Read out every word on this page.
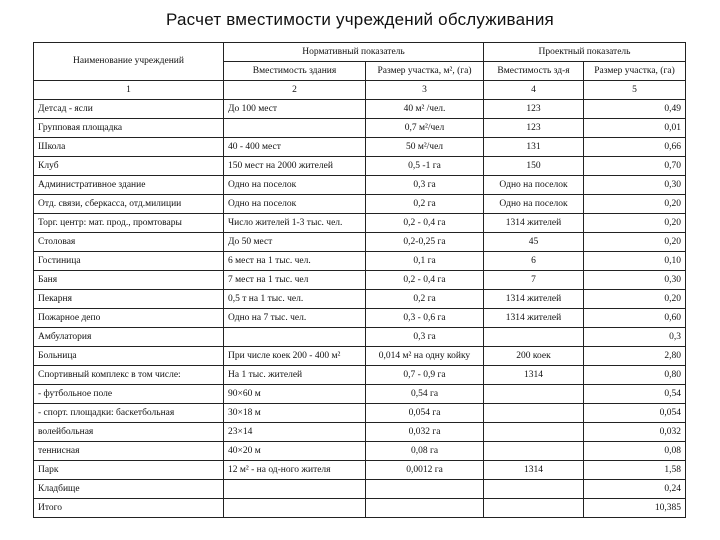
Расчет вместимости учреждений обслуживания
Наименование учреждений	Нормативный показатель		Проектный показатель	
	Вместимость здания	Размер участка, м², (га)	Вместимость зд-я	Размер участка, (га)
1	2	3	4	5
Детсад - ясли	До 100 мест	40 м² /чел.	123	0,49
Групповая площадка		0,7 м²/чел	123	0,01
Школа	40 - 400 мест	50 м²/чел	131	0,66
Клуб	150 мест на 2000 жителей	0,5 -1 га	150	0,70
Административное здание	Одно на поселок	0,3 га	Одно на поселок	0,30
Отд. связи, сберкасса, отд.милиции	Одно на поселок	0,2 га	Одно на поселок	0,20
Торг. центр: мат. прод., промтовары	Число жителей 1-3 тыс. чел.	0,2 - 0,4 га	1314 жителей	0,20
Столовая	До 50 мест	0,2-0,25 га	45	0,20
Гостиница	6 мест на 1 тыс. чел.	0,1 га	6	0,10
Баня	7 мест на 1 тыс. чел	0,2 - 0,4 га	7	0,30
Пекарня	0,5 т на 1 тыс. чел.	0,2 га	1314 жителей	0,20
Пожарное депо	Одно на 7 тыс. чел.	0,3 - 0,6 га	1314 жителей	0,60
Амбулатория		0,3 га		0,3
Больница	При числе коек 200 - 400 м²	0,014 м² на одну койку	200 коек	2,80
Спортивный комплекс в том числе:	На 1 тыс. жителей	0,7 - 0,9 га	1314	0,80
- футбольное поле	90×60 м	0,54 га		0,54
- спорт. площадки: баскетбольная	30×18 м	0,054 га		0,054
волейбольная	23×14	0,032 га		0,032
теннисная	40×20 м	0,08 га		0,08
Парк	12 м² - на од-ного жителя	0,0012 га	1314	1,58
Кладбище				0,24
Итого				10,385
